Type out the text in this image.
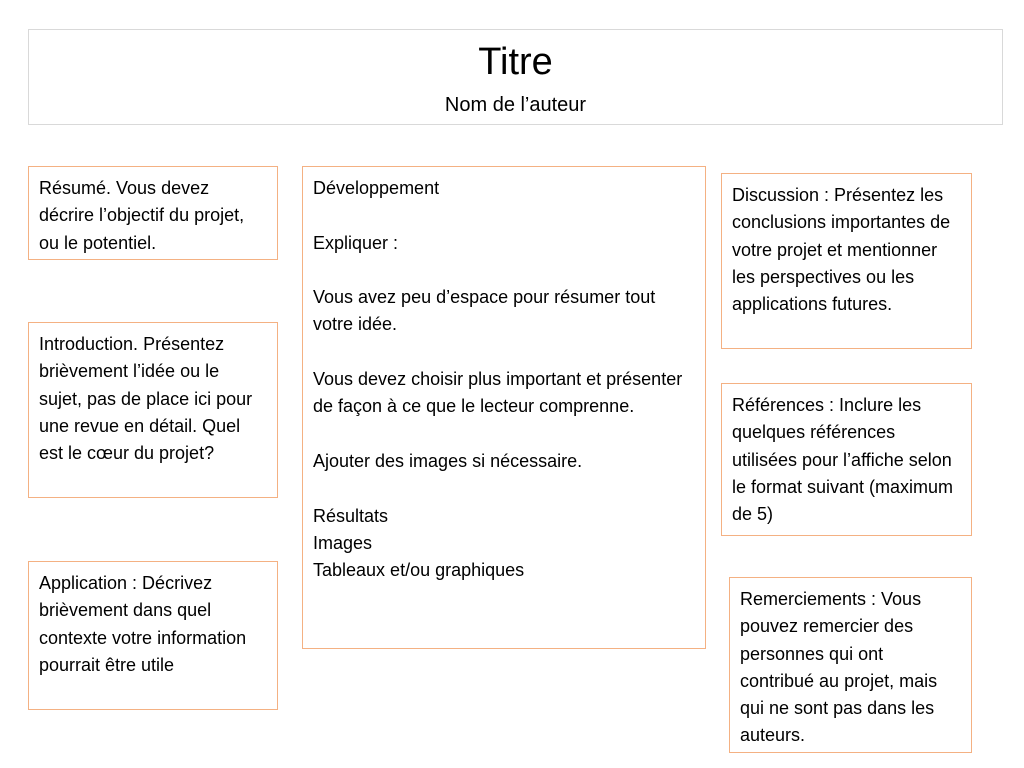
Titre
Nom de l’auteur

Résumé. Vous devez décrire l’objectif du projet, ou le potentiel.

Introduction. Présentez brièvement l’idée ou le sujet, pas de place ici pour une revue en détail. Quel est le cœur du projet?

Application : Décrivez brièvement dans quel contexte votre information pourrait être utile

Développement

Expliquer :

Vous avez peu d’espace pour résumer tout votre idée.

Vous devez choisir plus important et présenter de façon à ce que le lecteur comprenne.

Ajouter des images si nécessaire.

Résultats
Images
Tableaux et/ou graphiques

Discussion : Présentez les conclusions importantes de votre projet et mentionner les perspectives ou les applications futures.

Références : Inclure les quelques références utilisées pour l’affiche selon le format suivant (maximum de 5)

Remerciements : Vous pouvez remercier des personnes qui ont contribué au projet, mais qui ne sont pas dans les auteurs.
